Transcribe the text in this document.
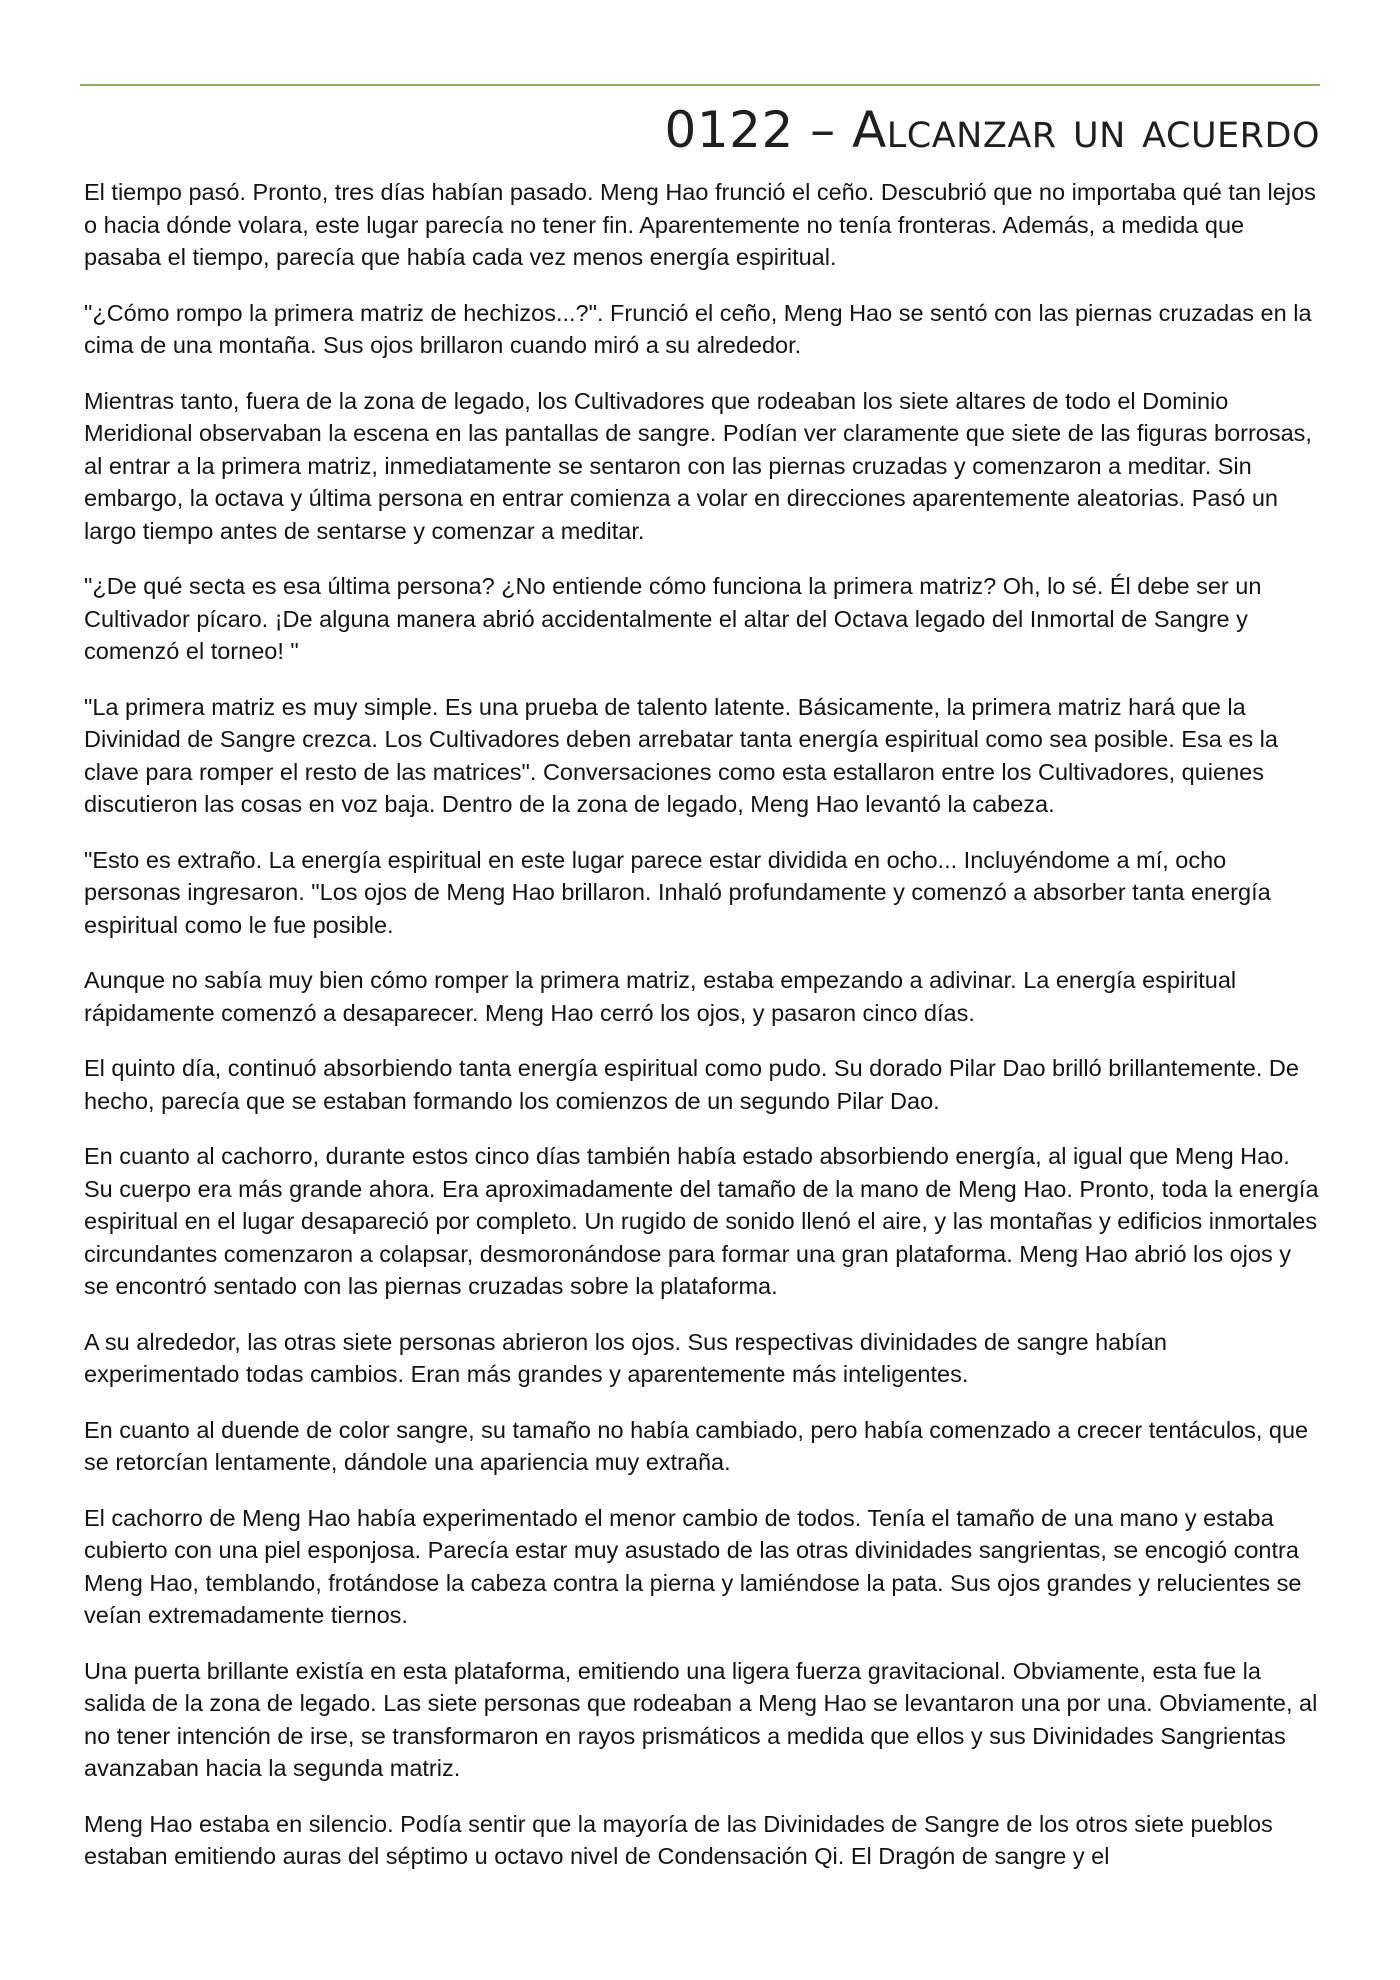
0122 – Alcanzar un acuerdo

El tiempo pasó. Pronto, tres días habían pasado. Meng Hao frunció el ceño. Descubrió que no importaba qué tan lejos o hacia dónde volara, este lugar parecía no tener fin. Aparentemente no tenía fronteras. Además, a medida que pasaba el tiempo, parecía que había cada vez menos energía espiritual.

"¿Cómo rompo la primera matriz de hechizos...?". Frunció el ceño, Meng Hao se sentó con las piernas cruzadas en la cima de una montaña. Sus ojos brillaron cuando miró a su alrededor.

Mientras tanto, fuera de la zona de legado, los Cultivadores que rodeaban los siete altares de todo el Dominio Meridional observaban la escena en las pantallas de sangre. Podían ver claramente que siete de las figuras borrosas, al entrar a la primera matriz, inmediatamente se sentaron con las piernas cruzadas y comenzaron a meditar. Sin embargo, la octava y última persona en entrar comienza a volar en direcciones aparentemente aleatorias. Pasó un largo tiempo antes de sentarse y comenzar a meditar.

"¿De qué secta es esa última persona? ¿No entiende cómo funciona la primera matriz? Oh, lo sé. Él debe ser un Cultivador pícaro. ¡De alguna manera abrió accidentalmente el altar del Octava legado del Inmortal de Sangre y comenzó el torneo! "

"La primera matriz es muy simple. Es una prueba de talento latente. Básicamente, la primera matriz hará que la Divinidad de Sangre crezca. Los Cultivadores deben arrebatar tanta energía espiritual como sea posible. Esa es la clave para romper el resto de las matrices". Conversaciones como esta estallaron entre los Cultivadores, quienes discutieron las cosas en voz baja. Dentro de la zona de legado, Meng Hao levantó la cabeza.

"Esto es extraño. La energía espiritual en este lugar parece estar dividida en ocho... Incluyéndome a mí, ocho personas ingresaron. "Los ojos de Meng Hao brillaron. Inhaló profundamente y comenzó a absorber tanta energía espiritual como le fue posible.

Aunque no sabía muy bien cómo romper la primera matriz, estaba empezando a adivinar. La energía espiritual rápidamente comenzó a desaparecer. Meng Hao cerró los ojos, y pasaron cinco días.

El quinto día, continuó absorbiendo tanta energía espiritual como pudo. Su dorado Pilar Dao brilló brillantemente. De hecho, parecía que se estaban formando los comienzos de un segundo Pilar Dao.

En cuanto al cachorro, durante estos cinco días también había estado absorbiendo energía, al igual que Meng Hao. Su cuerpo era más grande ahora. Era aproximadamente del tamaño de la mano de Meng Hao. Pronto, toda la energía espiritual en el lugar desapareció por completo. Un rugido de sonido llenó el aire, y las montañas y edificios inmortales circundantes comenzaron a colapsar, desmoronándose para formar una gran plataforma. Meng Hao abrió los ojos y se encontró sentado con las piernas cruzadas sobre la plataforma.

A su alrededor, las otras siete personas abrieron los ojos. Sus respectivas divinidades de sangre habían experimentado todas cambios. Eran más grandes y aparentemente más inteligentes.

En cuanto al duende de color sangre, su tamaño no había cambiado, pero había comenzado a crecer tentáculos, que se retorcían lentamente, dándole una apariencia muy extraña.

El cachorro de Meng Hao había experimentado el menor cambio de todos. Tenía el tamaño de una mano y estaba cubierto con una piel esponjosa. Parecía estar muy asustado de las otras divinidades sangrientas, se encogió contra Meng Hao, temblando, frotándose la cabeza contra la pierna y lamiéndose la pata. Sus ojos grandes y relucientes se veían extremadamente tiernos.

Una puerta brillante existía en esta plataforma, emitiendo una ligera fuerza gravitacional. Obviamente, esta fue la salida de la zona de legado. Las siete personas que rodeaban a Meng Hao se levantaron una por una. Obviamente, al no tener intención de irse, se transformaron en rayos prismáticos a medida que ellos y sus Divinidades Sangrientas avanzaban hacia la segunda matriz.

Meng Hao estaba en silencio. Podía sentir que la mayoría de las Divinidades de Sangre de los otros siete pueblos estaban emitiendo auras del séptimo u octavo nivel de Condensación Qi. El Dragón de sangre y el
